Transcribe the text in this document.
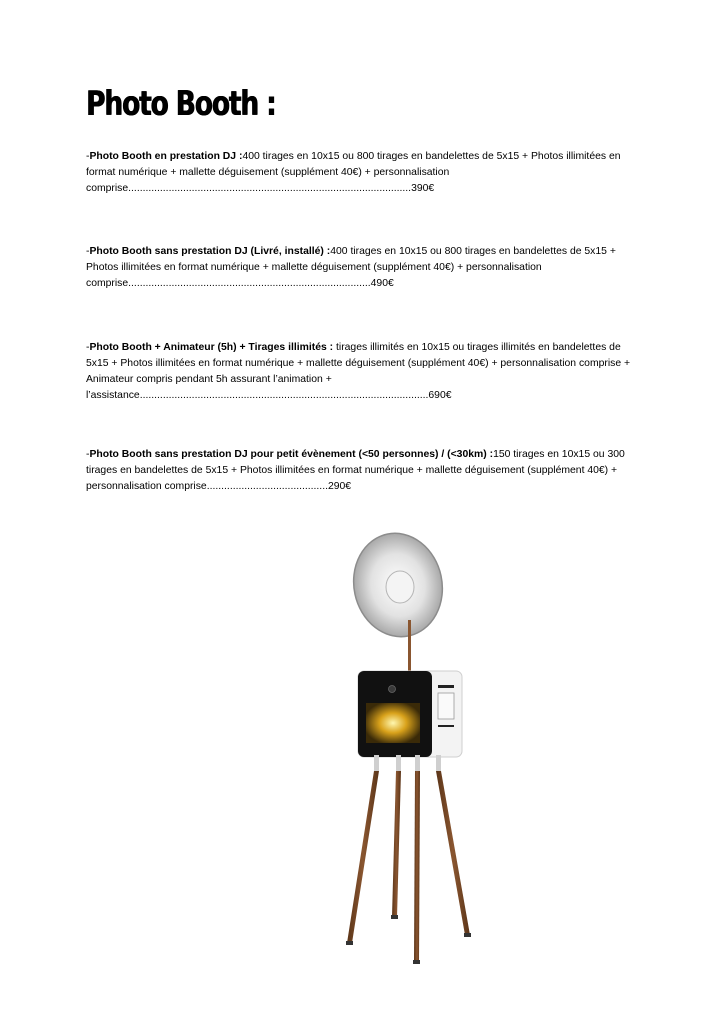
Photo Booth :

-Photo Booth en prestation DJ :400 tirages en 10x15 ou 800 tirages en bandelettes de 5x15 + Photos illimitées en format numérique + mallette déguisement (supplément 40€) + personnalisation comprise..................................................................................................390€

-Photo Booth sans prestation DJ (Livré, installé) :400 tirages en 10x15 ou 800 tirages en bandelettes de 5x15 + Photos illimitées en format numérique + mallette déguisement (supplément 40€) + personnalisation comprise....................................................................................490€

-Photo Booth + Animateur (5h) + Tirages illimités : tirages illimités en 10x15 ou tirages illimités en bandelettes de 5x15 + Photos illimitées en format numérique + mallette déguisement (supplément 40€) + personnalisation comprise + Animateur compris pendant 5h assurant l’animation + l’assistance....................................................................................................690€

-Photo Booth sans prestation DJ pour petit évènement (<50 personnes) / (<30km) :150 tirages en 10x15 ou 300 tirages en bandelettes de 5x15 + Photos illimitées en format numérique + mallette déguisement (supplément 40€) + personnalisation comprise..........................................290€
